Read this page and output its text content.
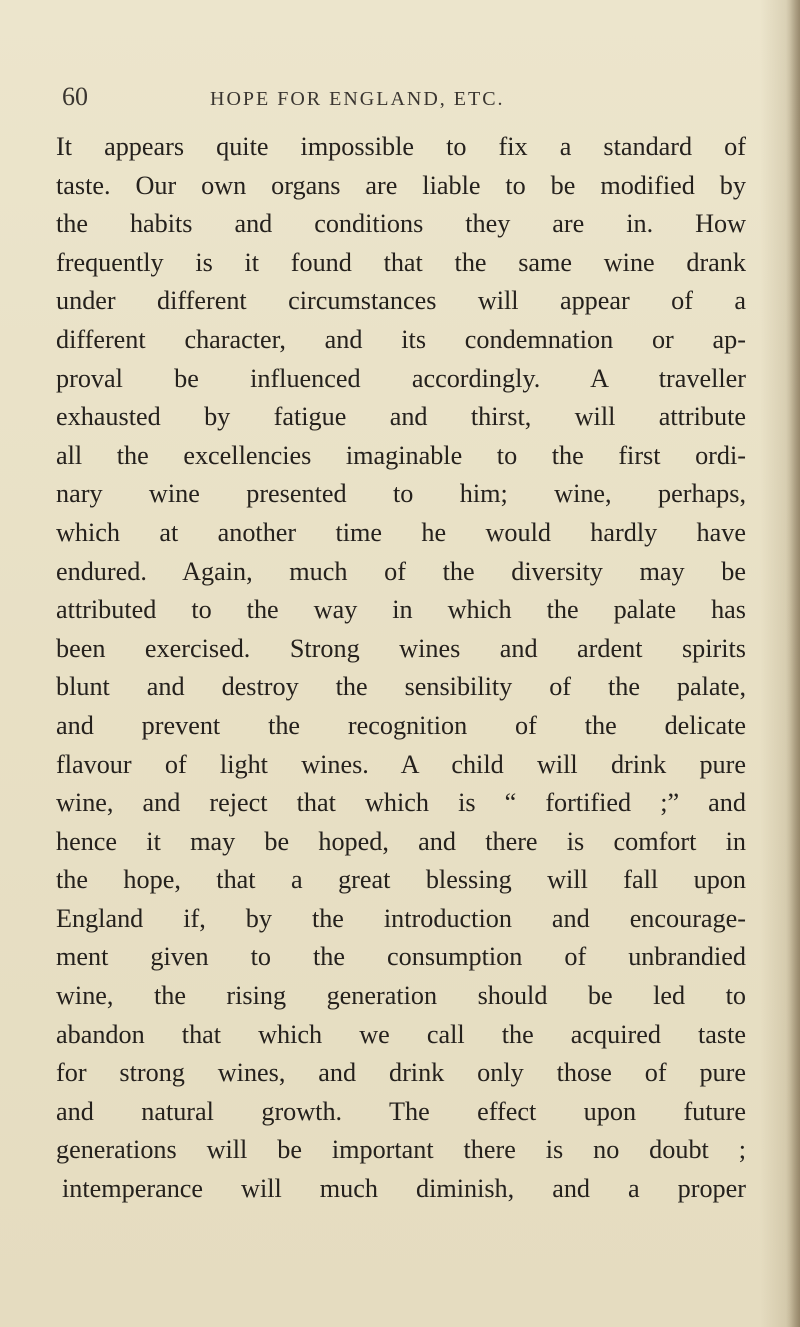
60	HOPE FOR ENGLAND, ETC.
It appears quite impossible to fix a standard of
taste. Our own organs are liable to be modified by
the habits and conditions they are in. How
frequently is it found that the same wine drank
under different circumstances will appear of a
different character, and its condemnation or ap-
proval be influenced accordingly. A traveller
exhausted by fatigue and thirst, will attribute
all the excellencies imaginable to the first ordi-
nary wine presented to him; wine, perhaps,
which at another time he would hardly have
endured. Again, much of the diversity may be
attributed to the way in which the palate has
been exercised. Strong wines and ardent spirits
blunt and destroy the sensibility of the palate,
and prevent the recognition of the delicate
flavour of light wines. A child will drink pure
wine, and reject that which is “ fortified ;” and
hence it may be hoped, and there is comfort in
the hope, that a great blessing will fall upon
England if, by the introduction and encourage-
ment given to the consumption of unbrandied
wine, the rising generation should be led to
abandon that which we call the acquired taste
for strong wines, and drink only those of pure
and natural growth. The effect upon future
generations will be important there is no doubt ;
intemperance will much diminish, and a proper
